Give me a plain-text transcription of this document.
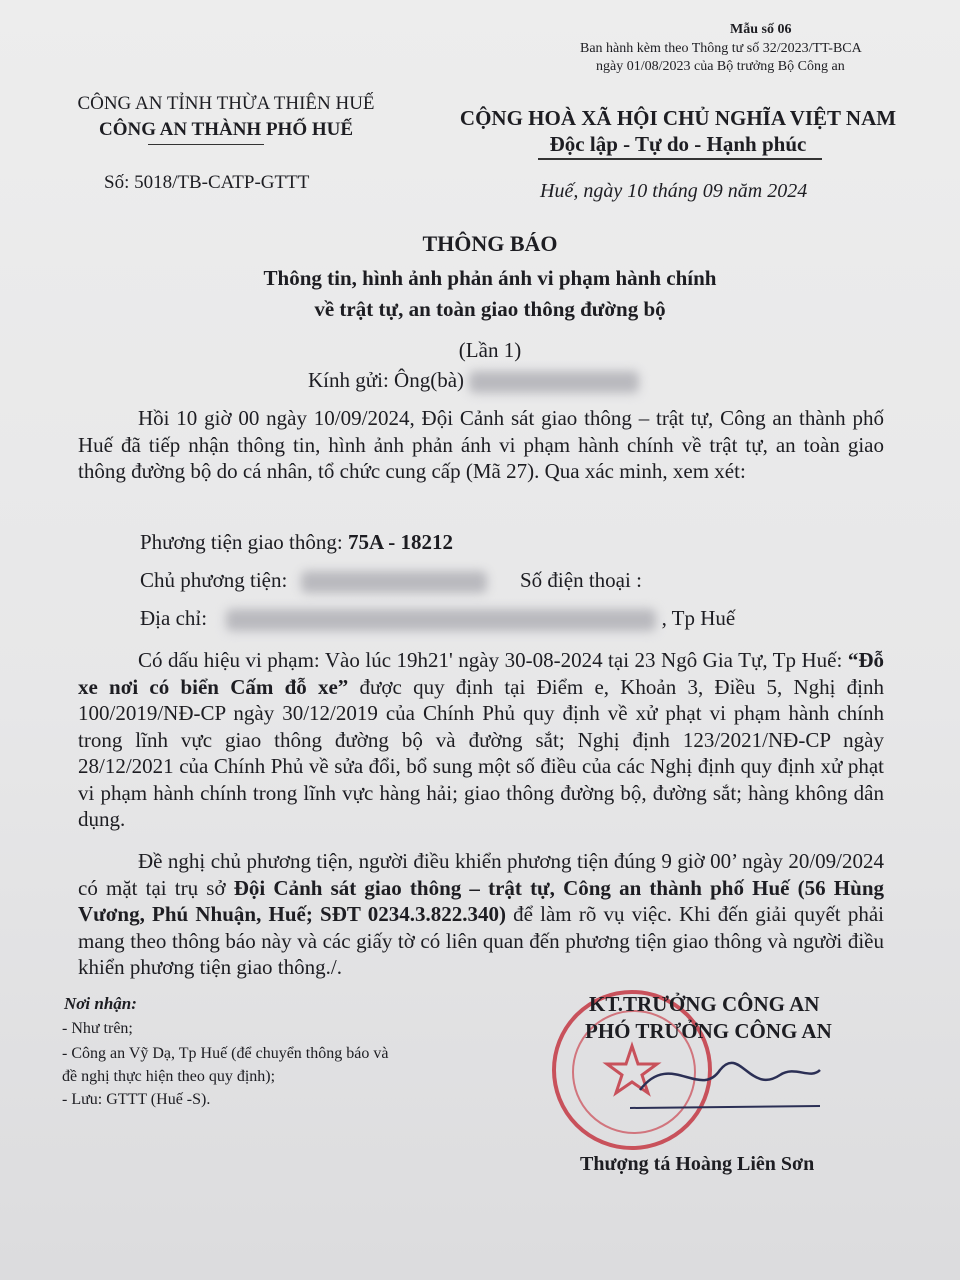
Mẫu số 06
Ban hành kèm theo Thông tư số 32/2023/TT-BCA
ngày 01/08/2023 của Bộ trưởng Bộ Công an
CÔNG AN TỈNH THỪA THIÊN HUẾ
CÔNG AN THÀNH PHỐ HUẾ
Số: 5018/TB-CATP-GTTT
CỘNG HOÀ XÃ HỘI CHỦ NGHĨA VIỆT NAM
Độc lập - Tự do - Hạnh phúc
Huế, ngày 10 tháng 09 năm 2024
THÔNG BÁO
Thông tin, hình ảnh phản ánh vi phạm hành chính
về trật tự, an toàn giao thông đường bộ
(Lần 1)
Kính gửi: Ông(bà)
Hồi 10 giờ 00 ngày 10/09/2024, Đội Cảnh sát giao thông – trật tự, Công an thành phố Huế đã tiếp nhận thông tin, hình ảnh phản ánh vi phạm hành chính về trật tự, an toàn giao thông đường bộ do cá nhân, tổ chức cung cấp (Mã 27). Qua xác minh, xem xét:
Phương tiện giao thông: 75A - 18212
Chủ phương tiện:	Số điện thoại :
Địa chỉ:	, Tp Huế
Có dấu hiệu vi phạm: Vào lúc 19h21' ngày 30-08-2024 tại 23 Ngô Gia Tự, Tp Huế: “Đỗ xe nơi có biển Cấm đỗ xe” được quy định tại Điểm e, Khoản 3, Điều 5, Nghị định 100/2019/NĐ-CP ngày 30/12/2019 của Chính Phủ quy định về xử phạt vi phạm hành chính trong lĩnh vực giao thông đường bộ và đường sắt; Nghị định 123/2021/NĐ-CP ngày 28/12/2021 của Chính Phủ về sửa đổi, bổ sung một số điều của các Nghị định quy định xử phạt vi phạm hành chính trong lĩnh vực hàng hải; giao thông đường bộ, đường sắt; hàng không dân dụng.
Đề nghị chủ phương tiện, người điều khiển phương tiện đúng 9 giờ 00’ ngày 20/09/2024 có mặt tại trụ sở Đội Cảnh sát giao thông – trật tự, Công an thành phố Huế (56 Hùng Vương, Phú Nhuận, Huế; SĐT 0234.3.822.340) để làm rõ vụ việc. Khi đến giải quyết phải mang theo thông báo này và các giấy tờ có liên quan đến phương tiện giao thông và người điều khiển phương tiện giao thông./.
Nơi nhận:
- Như trên;
- Công an Vỹ Dạ, Tp Huế (để chuyển thông báo và
đề nghị thực hiện theo quy định);
- Lưu: GTTT (Huế -S).
KT.TRƯỞNG CÔNG AN
PHÓ TRƯỞNG CÔNG AN
Thượng tá Hoàng Liên Sơn
